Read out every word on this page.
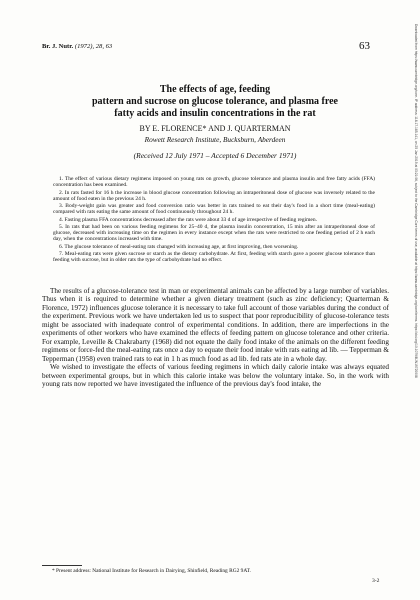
Downloaded from https://www.cambridge.org/core. IP address: 118.17.185.141, on 25 Jan 2019 at 03:21:06, subject to the Cambridge Core terms of use, available at https://www.cambridge.org/core/terms. https://doi.org/10.1079/BJN19720008
Br. J. Nutr. (1972), 28, 63	63
The effects of age, feeding
pattern and sucrose on glucose tolerance, and plasma free
fatty acids and insulin concentrations in the rat
BY E. FLORENCE* AND J. QUARTERMAN
Rowett Research Institute, Bucksburn, Aberdeen
(Received 12 July 1971 – Accepted 6 December 1971)

1. The effect of various dietary regimens imposed on young rats on growth, glucose tolerance and plasma insulin and free fatty acids (FFA) concentration has been examined.

2. In rats fasted for 16 h the increase in blood glucose concentration following an intraperitoneal dose of glucose was inversely related to the amount of food eaten in the previous 24 h.

3. Body-weight gain was greater and food conversion ratio was better in rats trained to eat their day's food in a short time (meal-eating) compared with rats eating the same amount of food continuously throughout 24 h.

4. Fasting plasma FFA concentrations decreased after the rats were about 33 d of age irrespective of feeding regimen.

5. In rats that had been on various feeding regimens for 25–40 d, the plasma insulin concentration, 15 min after an intraperitoneal dose of glucose, decreased with increasing time on the regimen in every instance except when the rats were restricted to one feeding period of 2 h each day, when the concentrations increased with time.

6. The glucose tolerance of meal-eating rats changed with increasing age, at first improving, then worsening.

7. Meal-eating rats were given sucrose or starch as the dietary carbohydrate. At first, feeding with starch gave a poorer glucose tolerance than feeding with sucrose, but in older rats the type of carbohydrate had no effect.

The results of a glucose-tolerance test in man or experimental animals can be affected by a large number of variables. Thus when it is required to determine whether a given dietary treatment (such as zinc deficiency; Quarterman & Florence, 1972) influences glucose tolerance it is necessary to take full account of those variables during the conduct of the experiment. Previous work we have undertaken led us to suspect that poor reproducibility of glucose-tolerance tests might be associated with inadequate control of experimental conditions. In addition, there are imperfections in the experiments of other workers who have examined the effects of feeding pattern on glucose tolerance and other criteria. For example, Leveille & Chakrabarty (1968) did not equate the daily food intake of the animals on the different feeding regimens or force-fed the meal-eating rats once a day to equate their food intake with rats eating ad lib. — Tepperman & Tepperman (1958) even trained rats to eat in 1 h as much food as ad lib. fed rats ate in a whole day.

We wished to investigate the effects of various feeding regimens in which daily calorie intake was always equated between experimental groups, but in which this calorie intake was below the voluntary intake. So, in the work with young rats now reported we have investigated the influence of the previous day's food intake, the

* Present address: National Institute for Research in Dairying, Shinfield, Reading RG2 9AT.
3-2
